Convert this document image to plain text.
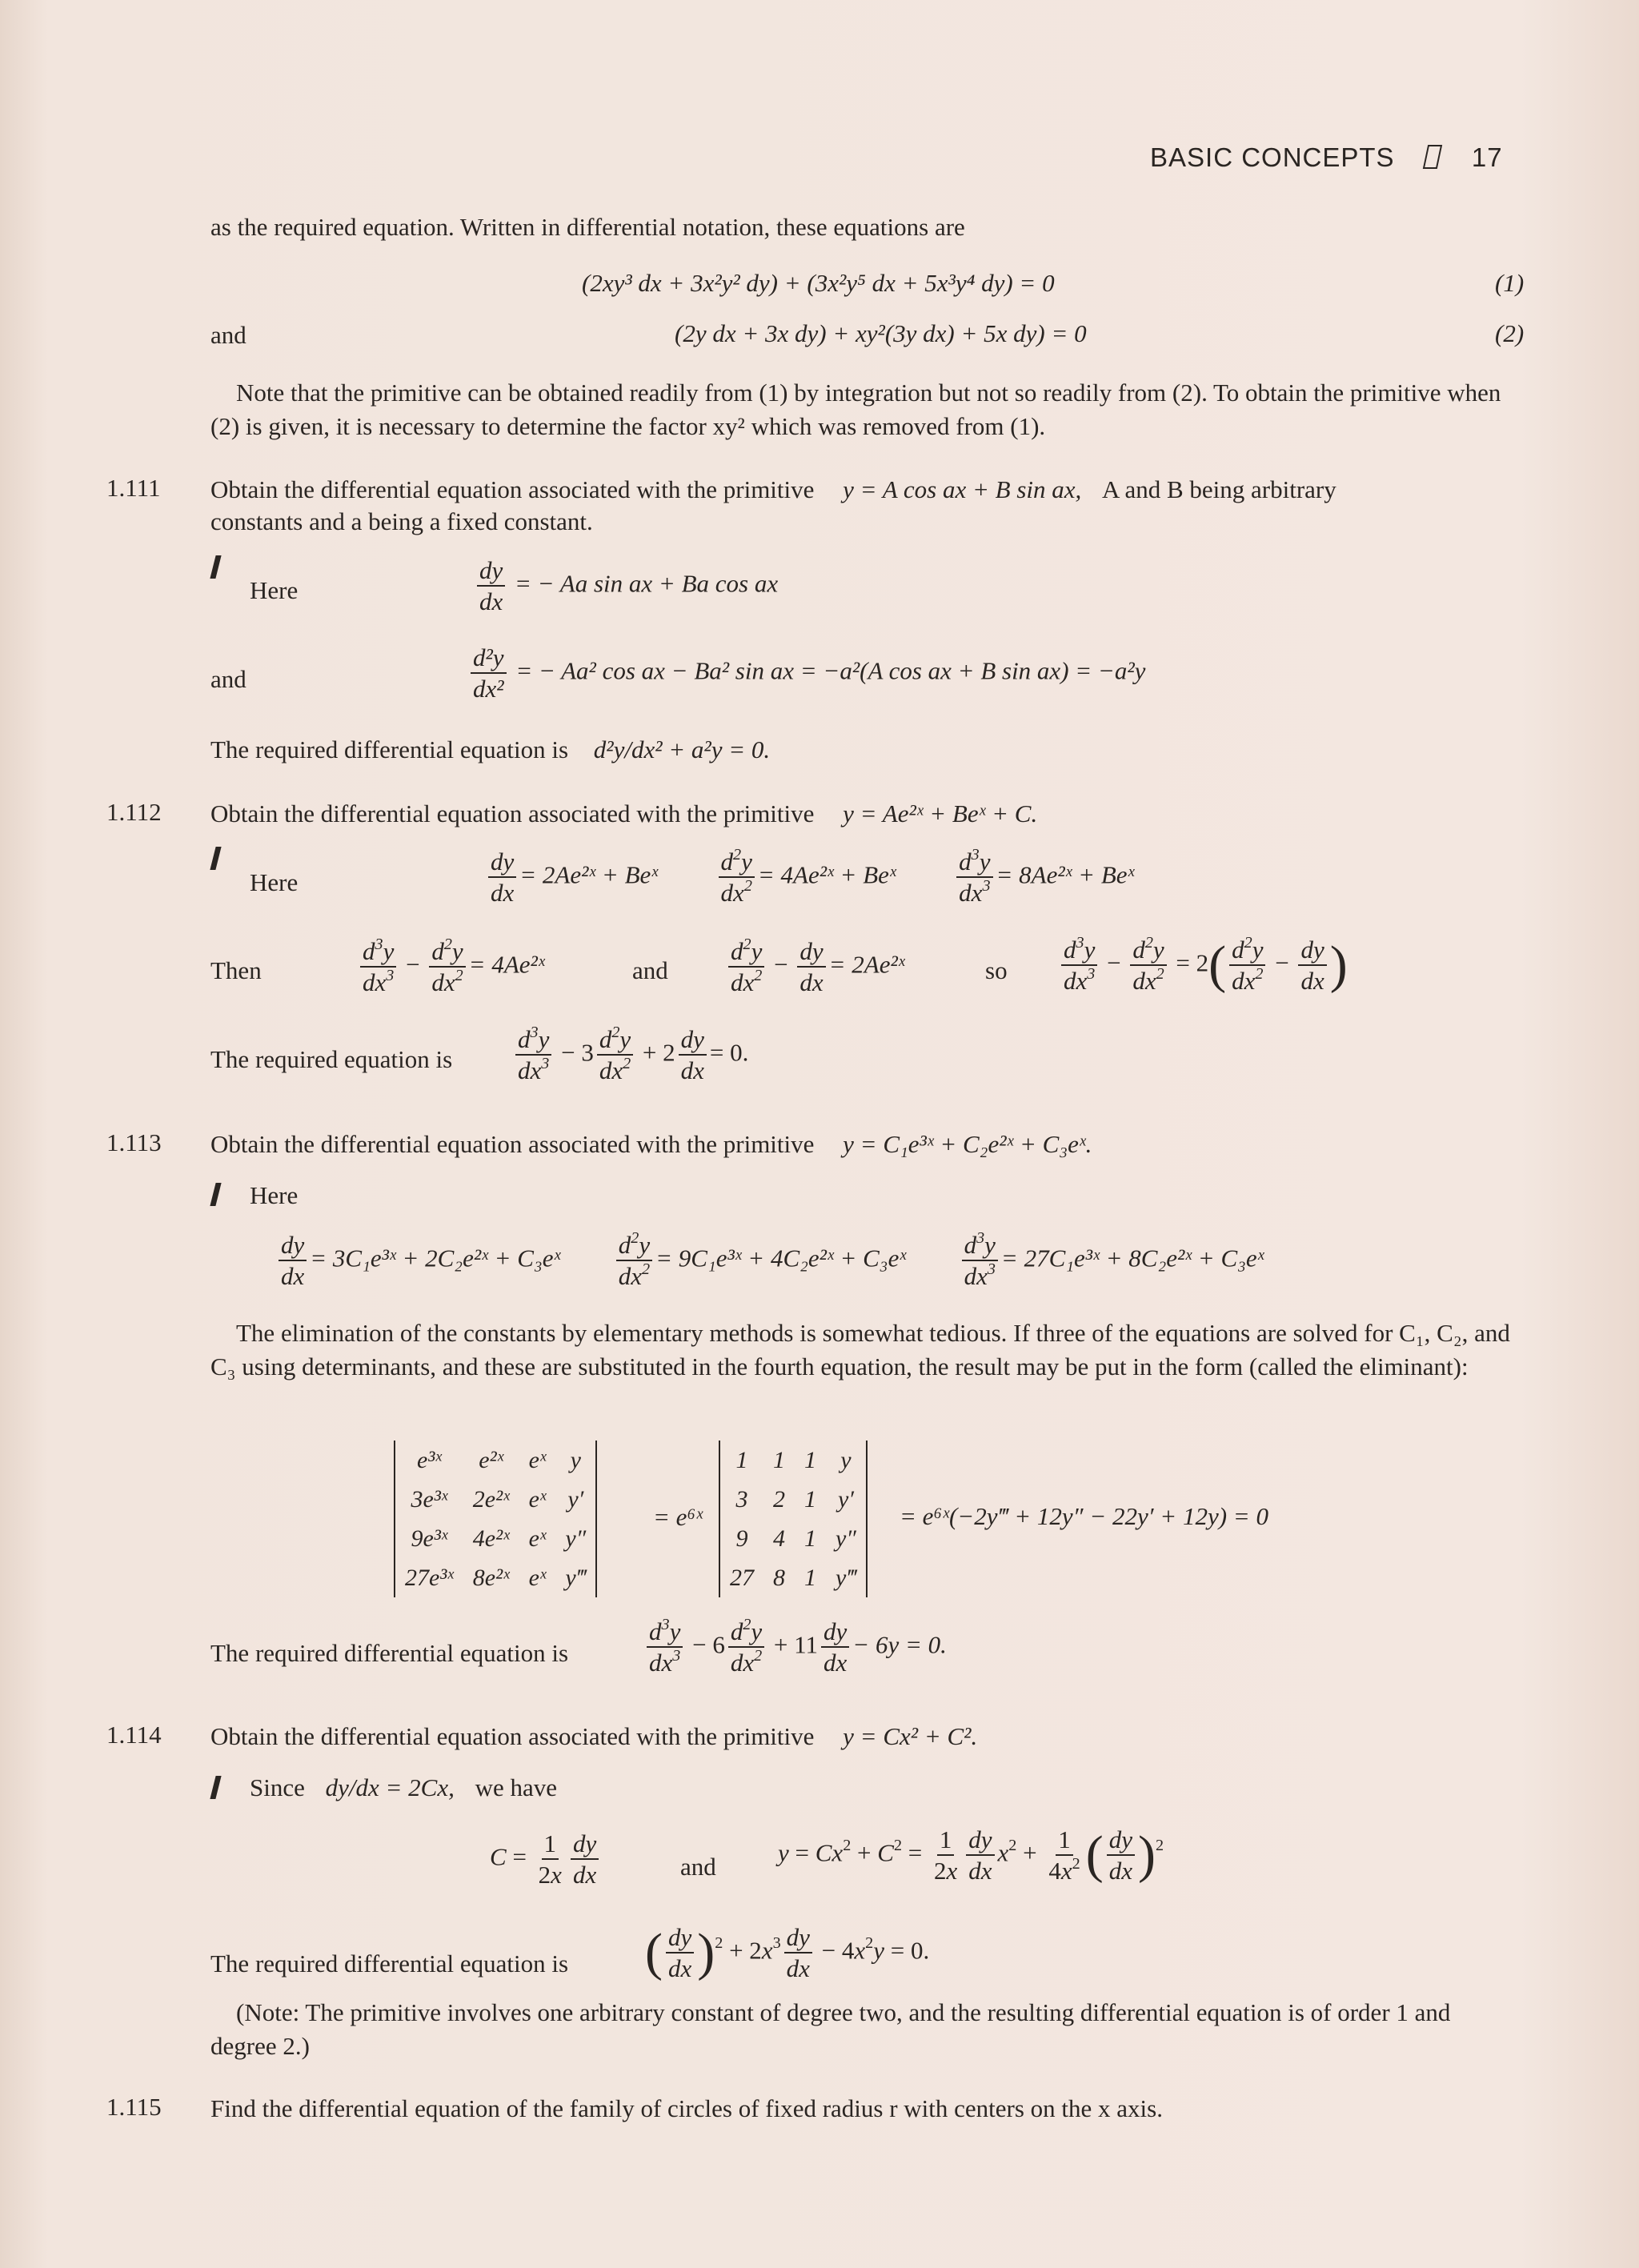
BASIC CONCEPTS	17
as the required equation. Written in differential notation, these equations are
(2xy³ dx + 3x²y² dy) + (3x²y⁵ dx + 5x³y⁴ dy) = 0	(1)
and	(2y dx + 3x dy) + xy²(3y dx) + 5x dy) = 0	(2)
Note that the primitive can be obtained readily from (1) by integration but not so readily from (2). To obtain the primitive when (2) is given, it is necessary to determine the factor xy² which was removed from (1).
1.111 Obtain the differential equation associated with the primitive y = A cos ax + B sin ax, A and B being arbitrary
constants and a being a fixed constant.
Here	$\frac{dy}{dx}$ = − Aa sin ax + Ba cos ax
and	$\frac{\text{d²y}}{\text{dx²}}$ = − Aa² cos ax − Ba² sin ax = −a²(A cos ax + B sin ax) = −a²y
The required differential equation is d²y/dx² + a²y = 0.
1.112 Obtain the differential equation associated with the primitive y = Ae²ˣ + Beˣ + C.
Here	$\frac{dy}{dx}$ = 2Ae²ˣ + Beˣ $\frac{d^2y}{dx^2}$ = 4Ae²ˣ + Beˣ $\frac{d^3y}{dx^3}$ = 8Ae²ˣ + Beˣ
Then	$\frac{d^3y}{dx^3} - \frac{d^2y}{dx^2}$ = 4Ae²ˣ	and $\frac{d^2y}{dx^2} - \frac{dy}{dx}$ = 2Ae²ˣ	so $\frac{d^3y}{dx^3} - \frac{d^2y}{dx^2} = 2( \frac{d^2y}{dx^2} - \frac{dy}{dx}$ )
The required equation is	$\frac{d^3y}{dx^3} - 3 \frac{d^2y}{dx^2} + 2 \frac{dy}{dx} = 0$.
1.113 Obtain the differential equation associated with the primitive y = C₁e³ˣ + C₂e²ˣ + C₃eˣ.
Here
$\frac{dy}{dx}$ = 3C₁e³ˣ + 2C₂e²ˣ + C₃eˣ $\frac{d^2y}{dx^2}$ = 9C₁e³ˣ + 4C₂e²ˣ + C₃eˣ $\frac{d^3y}{dx^3}$ = 27C₁e³ˣ + 8C₂e²ˣ + C₃eˣ
The elimination of the constants by elementary methods is somewhat tedious. If three of the equations are solved for C₁, C₂, and C₃ using determinants, and these are substituted in the fourth equation, the result may be put in the form (called the eliminant):
e³ˣ	e²ˣ	eˣ	y
3e³ˣ	2e²ˣ	eˣ	y′
9e³ˣ	4e²ˣ	eˣ	y″
27e³ˣ	8e²ˣ	eˣ	y‴
= e⁶ˣ
1	1	1	y
3	2	1	y′
9	4	1	y″
27	8	1	y‴
= e⁶ˣ(−2y‴ + 12y″ − 22y′ + 12y) = 0
The required differential equation is	$\frac{d^3y}{dx^3} - 6 \frac{d^2y}{dx^2} + 11 \frac{dy}{dx} - 6y = 0$.
1.114 Obtain the differential equation associated with the primitive y = Cx² + C².
Since dy/dx = 2Cx, we have
$C = \frac{1}{2x} \frac{dy}{dx}$	and
$y = Cx^2 + C^2 = \frac{1}{2x} \frac{dy}{dx} x^2 + \frac{1}{4x^2}$ ( $\frac{dy}{dx} )^2$
The required differential equation is ( $\frac{dy}{dx} )^2 + 2x^3 \frac{dy}{dx} - 4x^2y = 0$.
(Note: The primitive involves one arbitrary constant of degree two, and the resulting differential equation is of order 1 and degree 2.)
1.115 Find the differential equation of the family of circles of fixed radius r with centers on the x axis.
